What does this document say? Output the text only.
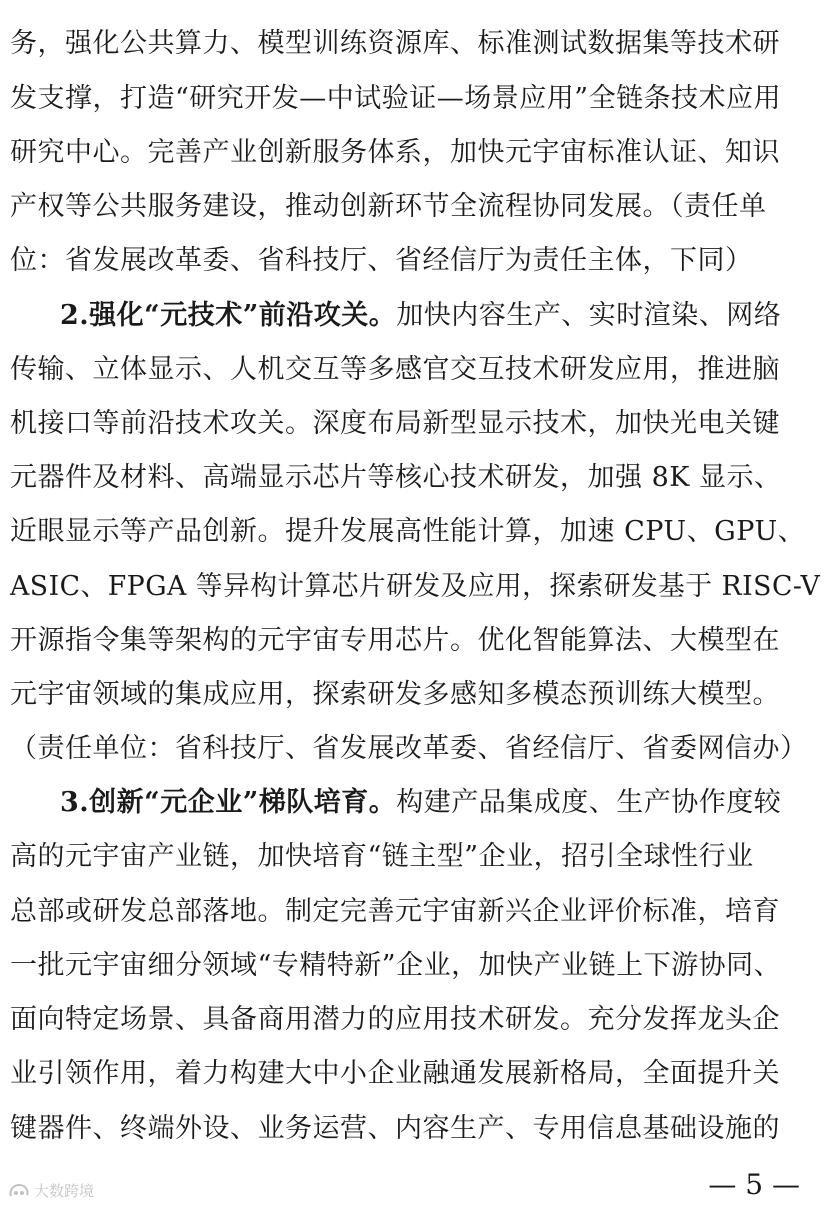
务，强化公共算力、模型训练资源库、标准测试数据集等技术研
发支撑，打造“研究开发—中试验证—场景应用”全链条技术应用
研究中心。完善产业创新服务体系，加快元宇宙标准认证、知识
产权等公共服务建设，推动创新环节全流程协同发展。（责任单
位：省发展改革委、省科技厅、省经信厅为责任主体，下同）
2.强化“元技术”前沿攻关。加快内容生产、实时渲染、网络
传输、立体显示、人机交互等多感官交互技术研发应用，推进脑
机接口等前沿技术攻关。深度布局新型显示技术，加快光电关键
元器件及材料、高端显示芯片等核心技术研发，加强 8K 显示、
近眼显示等产品创新。提升发展高性能计算，加速 CPU、GPU、
ASIC、FPGA 等异构计算芯片研发及应用，探索研发基于 RISC-V
开源指令集等架构的元宇宙专用芯片。优化智能算法、大模型在
元宇宙领域的集成应用，探索研发多感知多模态预训练大模型。
（责任单位：省科技厅、省发展改革委、省经信厅、省委网信办）
3.创新“元企业”梯队培育。构建产品集成度、生产协作度较
高的元宇宙产业链，加快培育“链主型”企业，招引全球性行业
总部或研发总部落地。制定完善元宇宙新兴企业评价标准，培育
一批元宇宙细分领域“专精特新”企业，加快产业链上下游协同、
面向特定场景、具备商用潜力的应用技术研发。充分发挥龙头企
业引领作用，着力构建大中小企业融通发展新格局，全面提升关
键器件、终端外设、业务运营、内容生产、专用信息基础设施的
大数跨境	— 5 —
